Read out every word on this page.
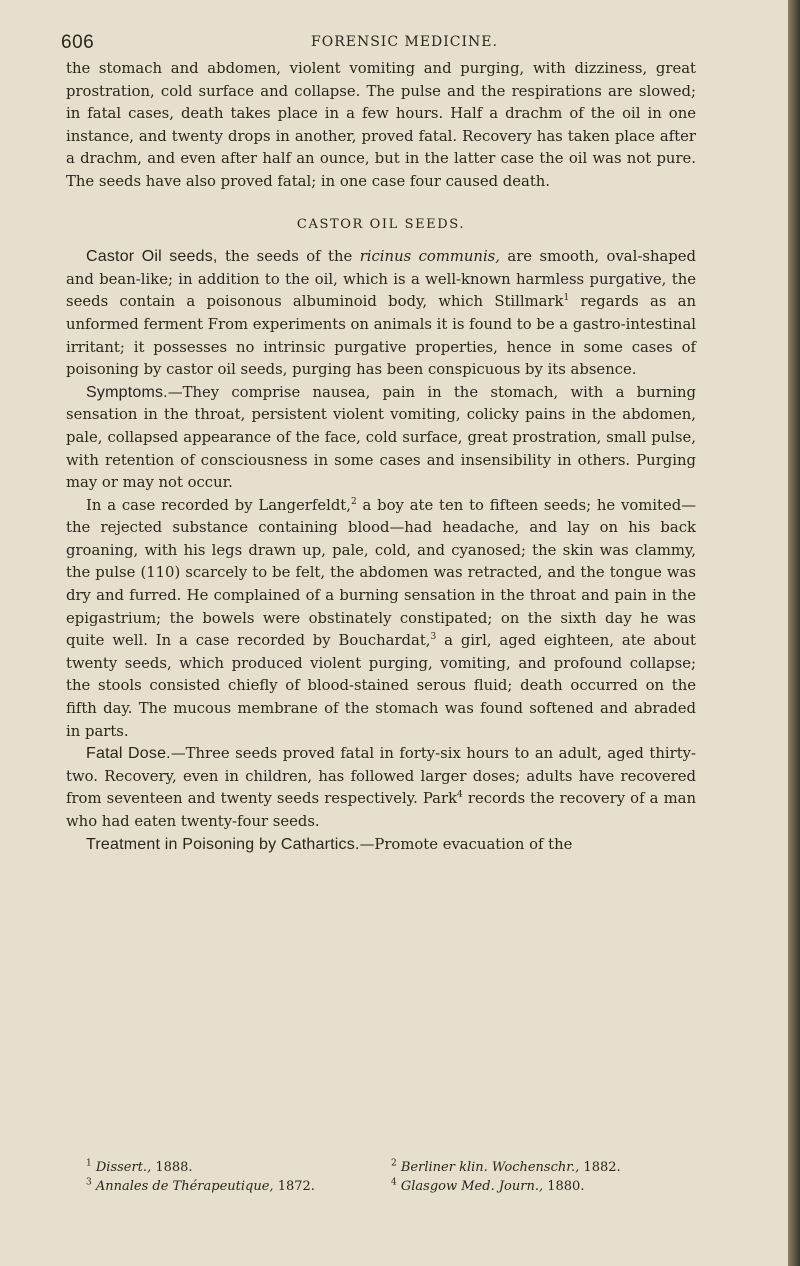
606	FORENSIC MEDICINE.

the stomach and abdomen, violent vomiting and purging, with dizziness, great prostration, cold surface and collapse. The pulse and the respirations are slowed; in fatal cases, death takes place in a few hours. Half a drachm of the oil in one instance, and twenty drops in another, proved fatal. Recovery has taken place after a drachm, and even after half an ounce, but in the latter case the oil was not pure. The seeds have also proved fatal; in one case four caused death.

CASTOR OIL SEEDS.

Castor Oil seeds, the seeds of the ricinus communis, are smooth, oval-shaped and bean-like; in addition to the oil, which is a well-known harmless purgative, the seeds contain a poisonous albuminoid body, which Stillmark$^1$ regards as an unformed ferment From experiments on animals it is found to be a gastro-intestinal irritant; it possesses no intrinsic purgative properties, hence in some cases of poisoning by castor oil seeds, purging has been conspicuous by its absence.

Symptoms.—They comprise nausea, pain in the stomach, with a burning sensation in the throat, persistent violent vomiting, colicky pains in the abdomen, pale, collapsed appearance of the face, cold surface, great prostration, small pulse, with retention of consciousness in some cases and insensibility in others. Purging may or may not occur.

In a case recorded by Langerfeldt,$^2$ a boy ate ten to fifteen seeds; he vomited—the rejected substance containing blood—had headache, and lay on his back groaning, with his legs drawn up, pale, cold, and cyanosed; the skin was clammy, the pulse (110) scarcely to be felt, the abdomen was retracted, and the tongue was dry and furred. He complained of a burning sensation in the throat and pain in the epigastrium; the bowels were obstinately constipated; on the sixth day he was quite well. In a case recorded by Bouchardat,$^3$ a girl, aged eighteen, ate about twenty seeds, which produced violent purging, vomiting, and profound collapse; the stools consisted chiefly of blood-stained serous fluid; death occurred on the fifth day. The mucous membrane of the stomach was found softened and abraded in parts.

Fatal Dose.—Three seeds proved fatal in forty-six hours to an adult, aged thirty-two. Recovery, even in children, has followed larger doses; adults have recovered from seventeen and twenty seeds respectively. Park$^4$ records the recovery of a man who had eaten twenty-four seeds.

Treatment in Poisoning by Cathartics.—Promote evacuation of the

$^1$ Dissert., 1888.	$^2$ Berliner klin. Wochenschr., 1882.
$^3$ Annales de Thérapeutique, 1872.	$^4$ Glasgow Med. Journ., 1880.
